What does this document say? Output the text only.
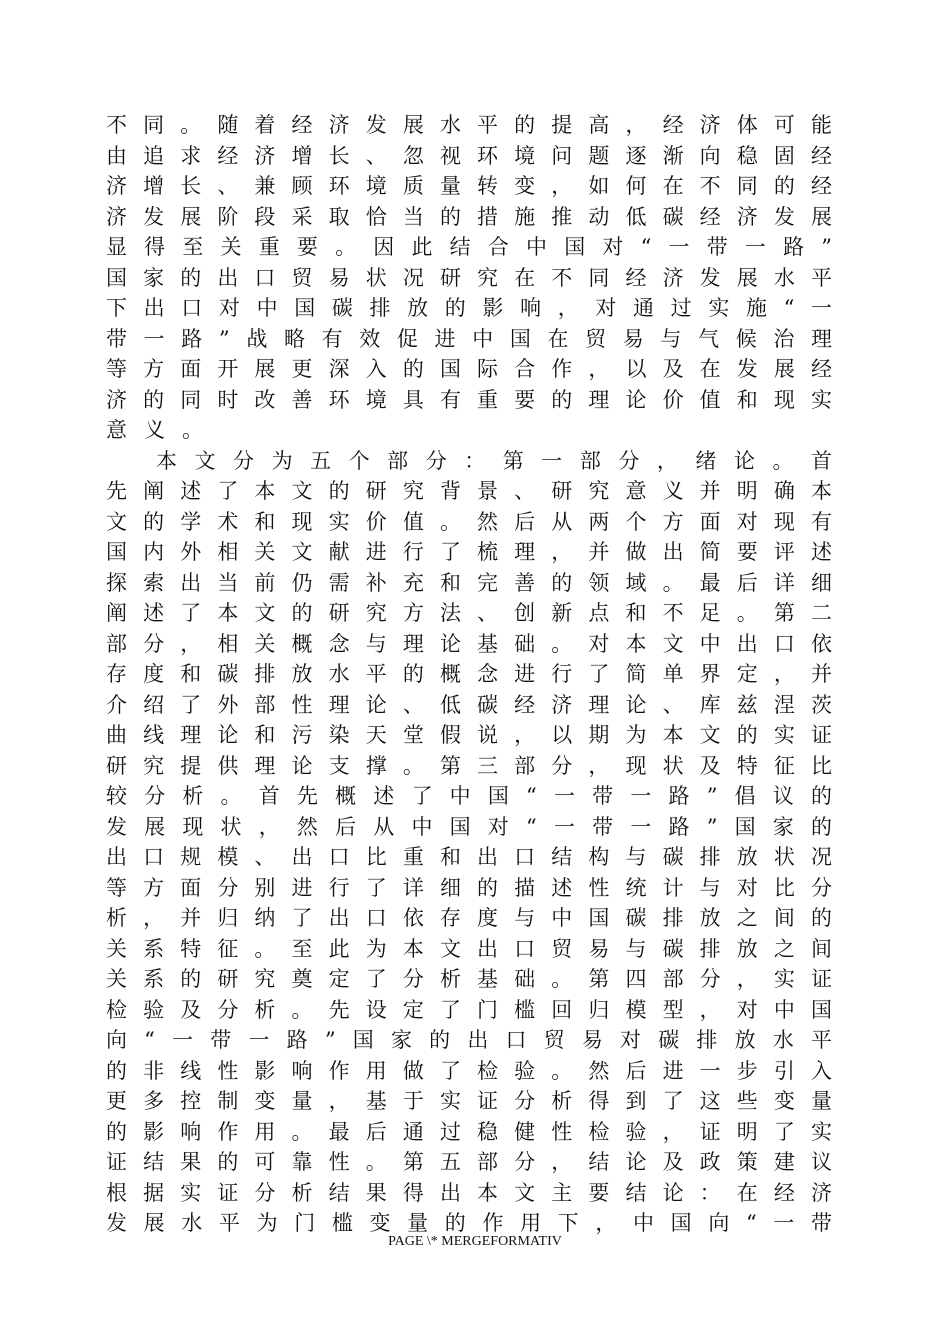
不同。随着经济发展水平的提高，经济体可能
由追求经济增长、忽视环境问题逐渐向稳固经
济增长、兼顾环境质量转变，如何在不同的经
济发展阶段采取恰当的措施推动低碳经济发展
显得至关重要。因此结合中国对“一带一路”
国家的出口贸易状况研究在不同经济发展水平
下出口对中国碳排放的影响，对通过实施“一
带一路”战略有效促进中国在贸易与气候治理
等方面开展更深入的国际合作，以及在发展经
济的同时改善环境具有重要的理论价值和现实
意义。
本文分为五个部分：第一部分，绪论。首
先阐述了本文的研究背景、研究意义并明确本
文的学术和现实价值。然后从两个方面对现有
国内外相关文献进行了梳理，并做出简要评述
探索出当前仍需补充和完善的领域。最后详细
阐述了本文的研究方法、创新点和不足。第二
部分，相关概念与理论基础。对本文中出口依
存度和碳排放水平的概念进行了简单界定，并
介绍了外部性理论、低碳经济理论、库兹涅茨
曲线理论和污染天堂假说，以期为本文的实证
研究提供理论支撑。第三部分，现状及特征比
较分析。首先概述了中国“一带一路”倡议的
发展现状，然后从中国对“一带一路”国家的
出口规模、出口比重和出口结构与碳排放状况
等方面分别进行了详细的描述性统计与对比分
析，并归纳了出口依存度与中国碳排放之间的
关系特征。至此为本文出口贸易与碳排放之间
关系的研究奠定了分析基础。第四部分，实证
检验及分析。先设定了门槛回归模型，对中国
向“一带一路”国家的出口贸易对碳排放水平
的非线性影响作用做了检验。然后进一步引入
更多控制变量，基于实证分析得到了这些变量
的影响作用。最后通过稳健性检验，证明了实
证结果的可靠性。第五部分，结论及政策建议
根据实证分析结果得出本文主要结论：在经济
发展水平为门槛变量的作用下，中国向“一带
PAGE \* MERGEFORMATIV
